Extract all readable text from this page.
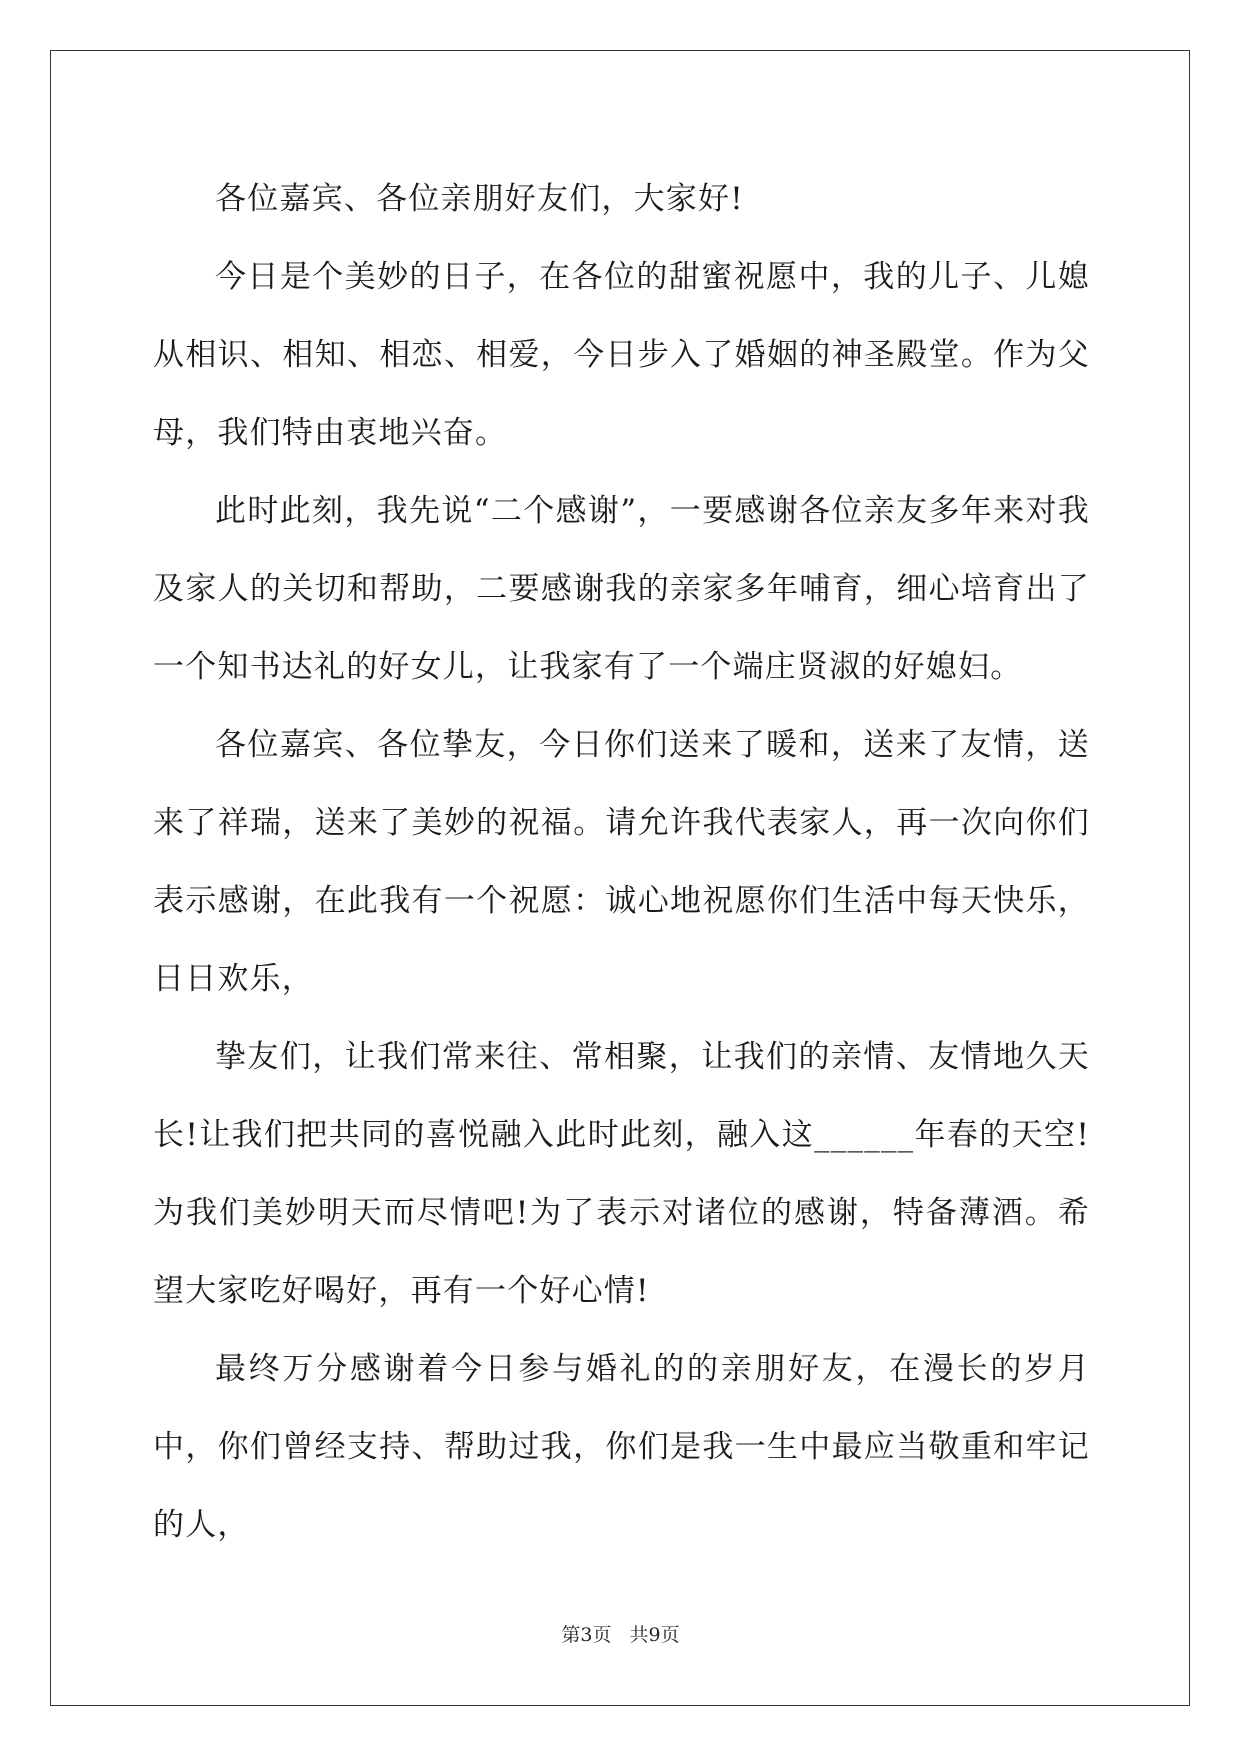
各位嘉宾、各位亲朋好友们，大家好!

今日是个美妙的日子，在各位的甜蜜祝愿中，我的儿子、儿媳从相识、相知、相恋、相爱，今日步入了婚姻的神圣殿堂。作为父母，我们特由衷地兴奋。

此时此刻，我先说“二个感谢”，一要感谢各位亲友多年来对我及家人的关切和帮助，二要感谢我的亲家多年哺育，细心培育出了一个知书达礼的好女儿，让我家有了一个端庄贤淑的好媳妇。

各位嘉宾、各位挚友，今日你们送来了暖和，送来了友情，送来了祥瑞，送来了美妙的祝福。请允许我代表家人，再一次向你们表示感谢，在此我有一个祝愿：诚心地祝愿你们生活中每天快乐，日日欢乐，

挚友们，让我们常来往、常相聚，让我们的亲情、友情地久天长!让我们把共同的喜悦融入此时此刻，融入这______年春的天空!为我们美妙明天而尽情吧!为了表示对诸位的感谢，特备薄酒。希望大家吃好喝好，再有一个好心情!

最终万分感谢着今日参与婚礼的的亲朋好友，在漫长的岁月中，你们曾经支持、帮助过我，你们是我一生中最应当敬重和牢记的人，

第3页 共9页
